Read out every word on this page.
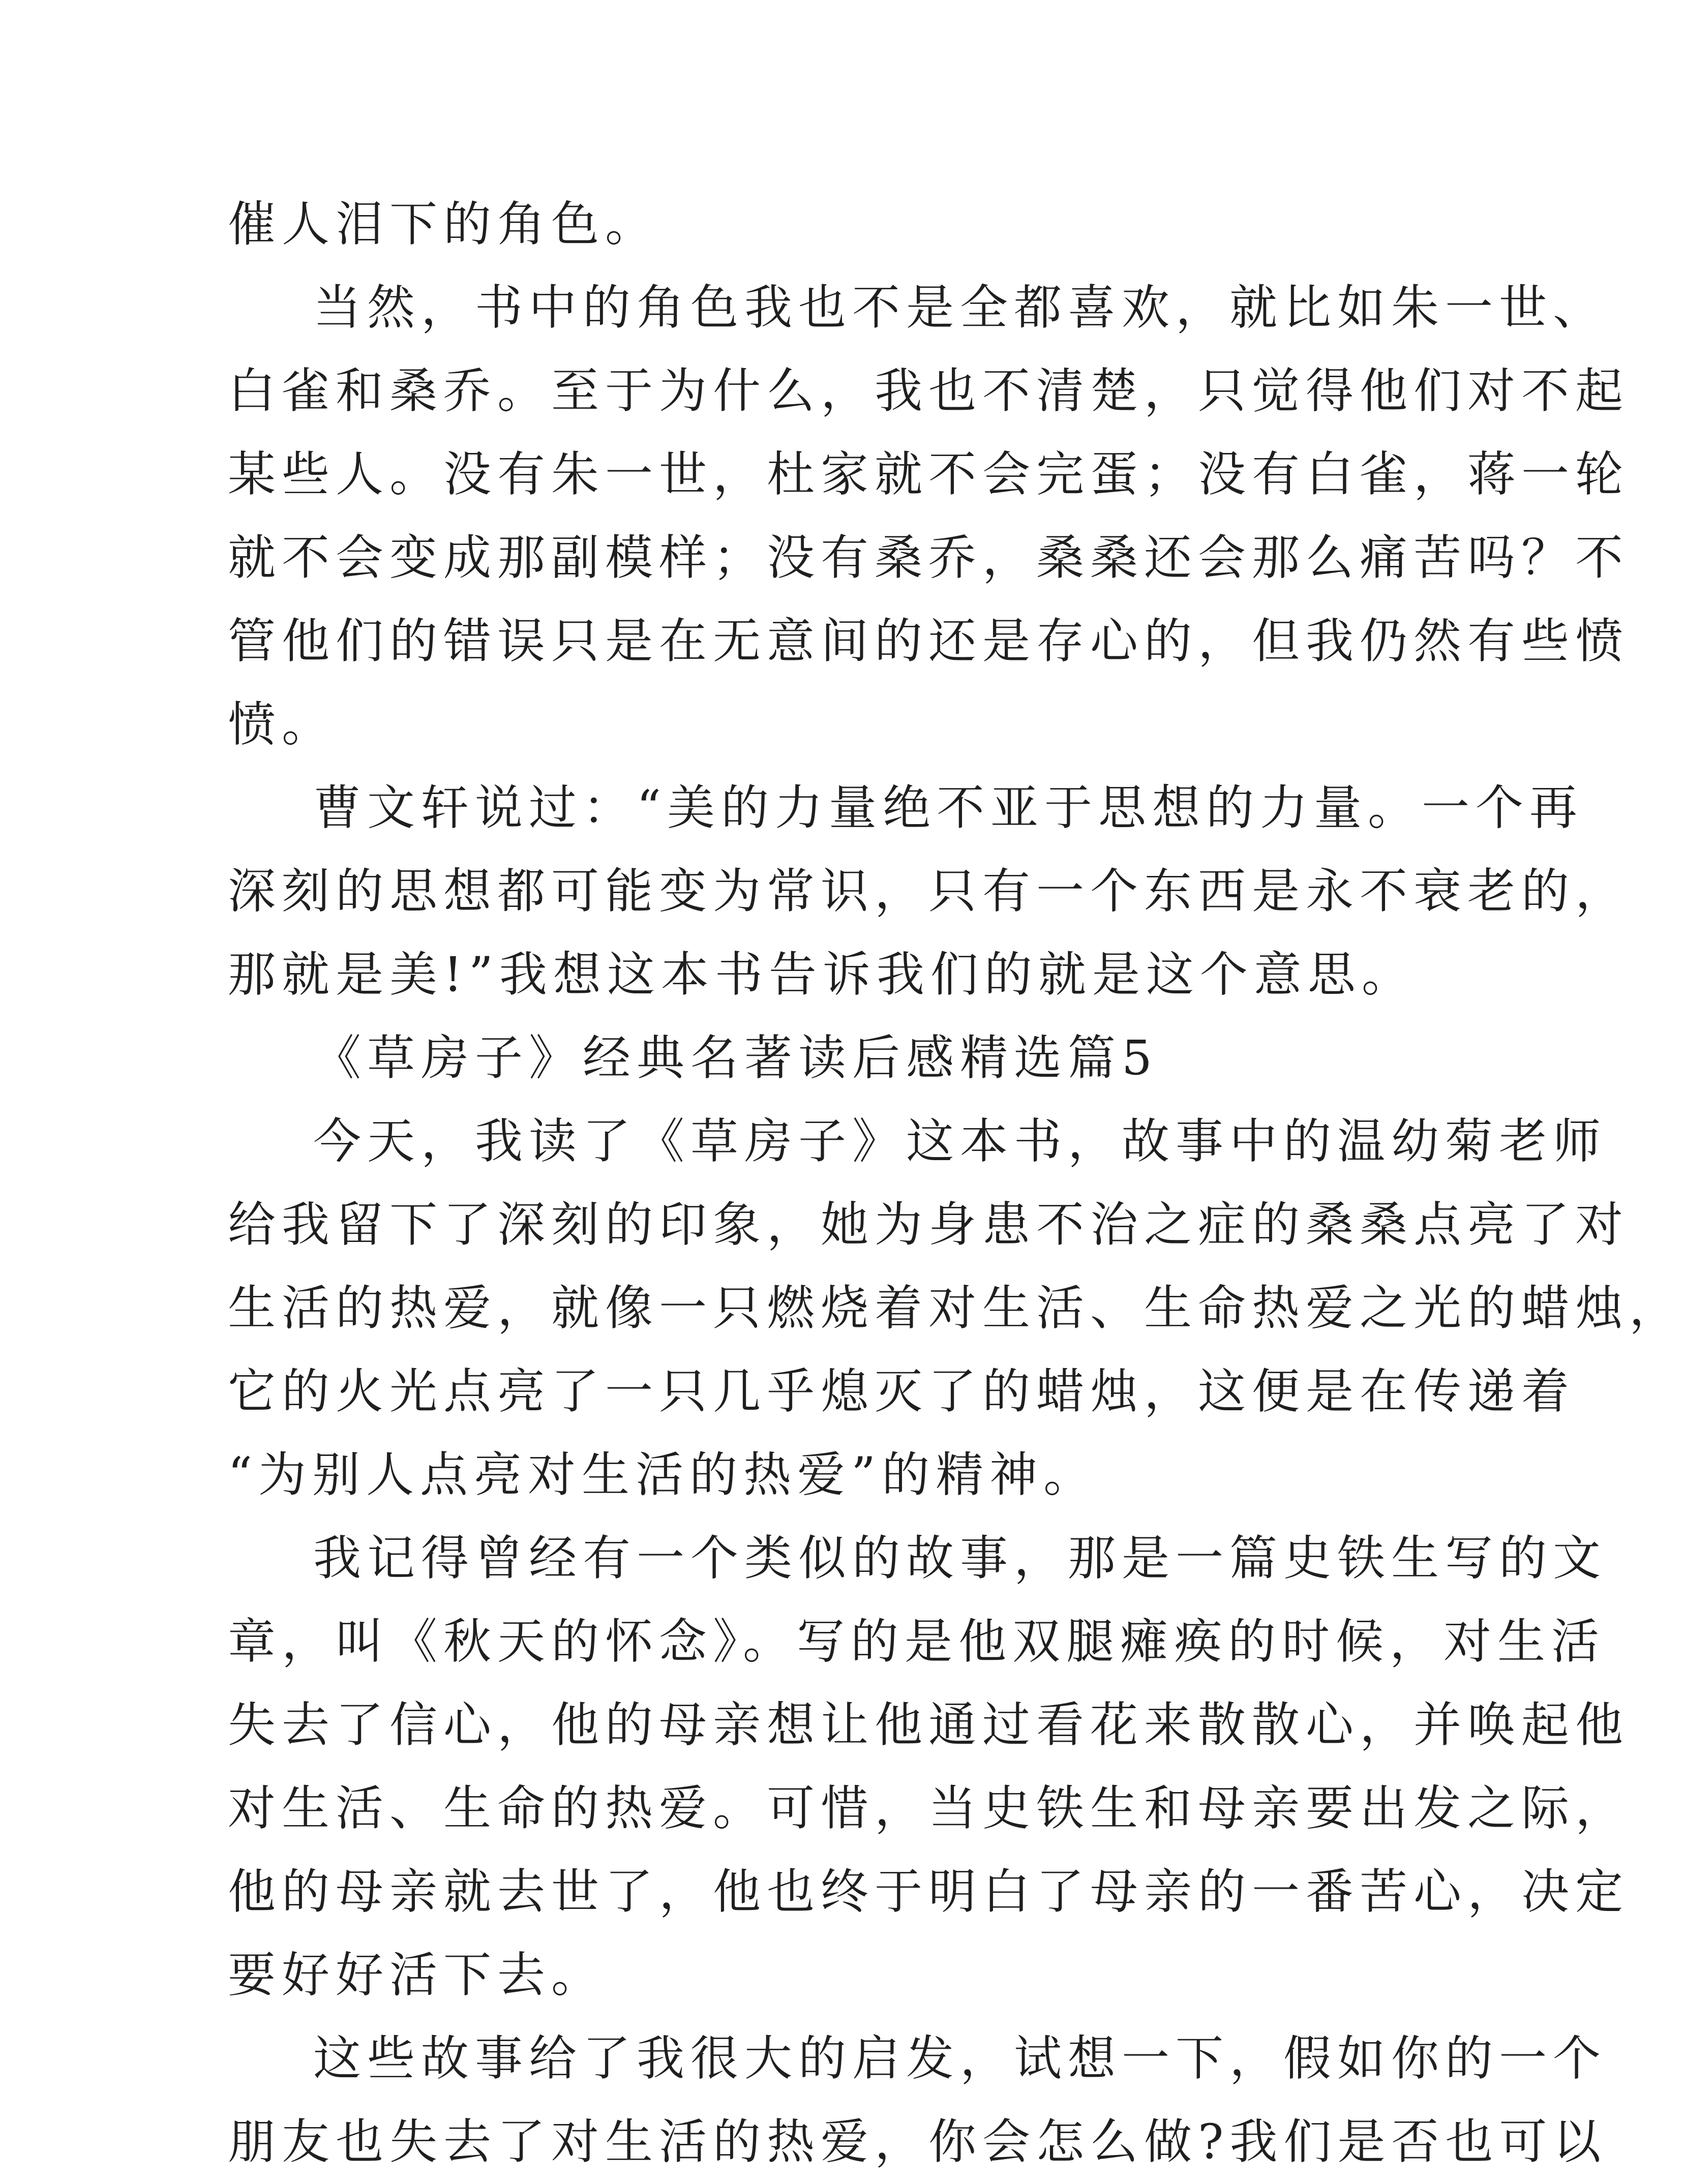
催人泪下的角色。
当然，书中的角色我也不是全都喜欢，就比如朱一世、
白雀和桑乔。至于为什么，我也不清楚，只觉得他们对不起
某些人。没有朱一世，杜家就不会完蛋；没有白雀，蒋一轮
就不会变成那副模样；没有桑乔，桑桑还会那么痛苦吗？不
管他们的错误只是在无意间的还是存心的，但我仍然有些愤
愤。
曹文轩说过：“美的力量绝不亚于思想的力量。一个再
深刻的思想都可能变为常识，只有一个东西是永不衰老的，
那就是美!”我想这本书告诉我们的就是这个意思。
《草房子》经典名著读后感精选篇5
今天，我读了《草房子》这本书，故事中的温幼菊老师
给我留下了深刻的印象，她为身患不治之症的桑桑点亮了对
生活的热爱，就像一只燃烧着对生活、生命热爱之光的蜡烛，
它的火光点亮了一只几乎熄灭了的蜡烛，这便是在传递着
“为别人点亮对生活的热爱”的精神。
我记得曾经有一个类似的故事，那是一篇史铁生写的文
章，叫《秋天的怀念》。写的是他双腿瘫痪的时候，对生活
失去了信心，他的母亲想让他通过看花来散散心，并唤起他
对生活、生命的热爱。可惜，当史铁生和母亲要出发之际，
他的母亲就去世了，他也终于明白了母亲的一番苦心，决定
要好好活下去。
这些故事给了我很大的启发，试想一下，假如你的一个
朋友也失去了对生活的热爱，你会怎么做?我们是否也可以
